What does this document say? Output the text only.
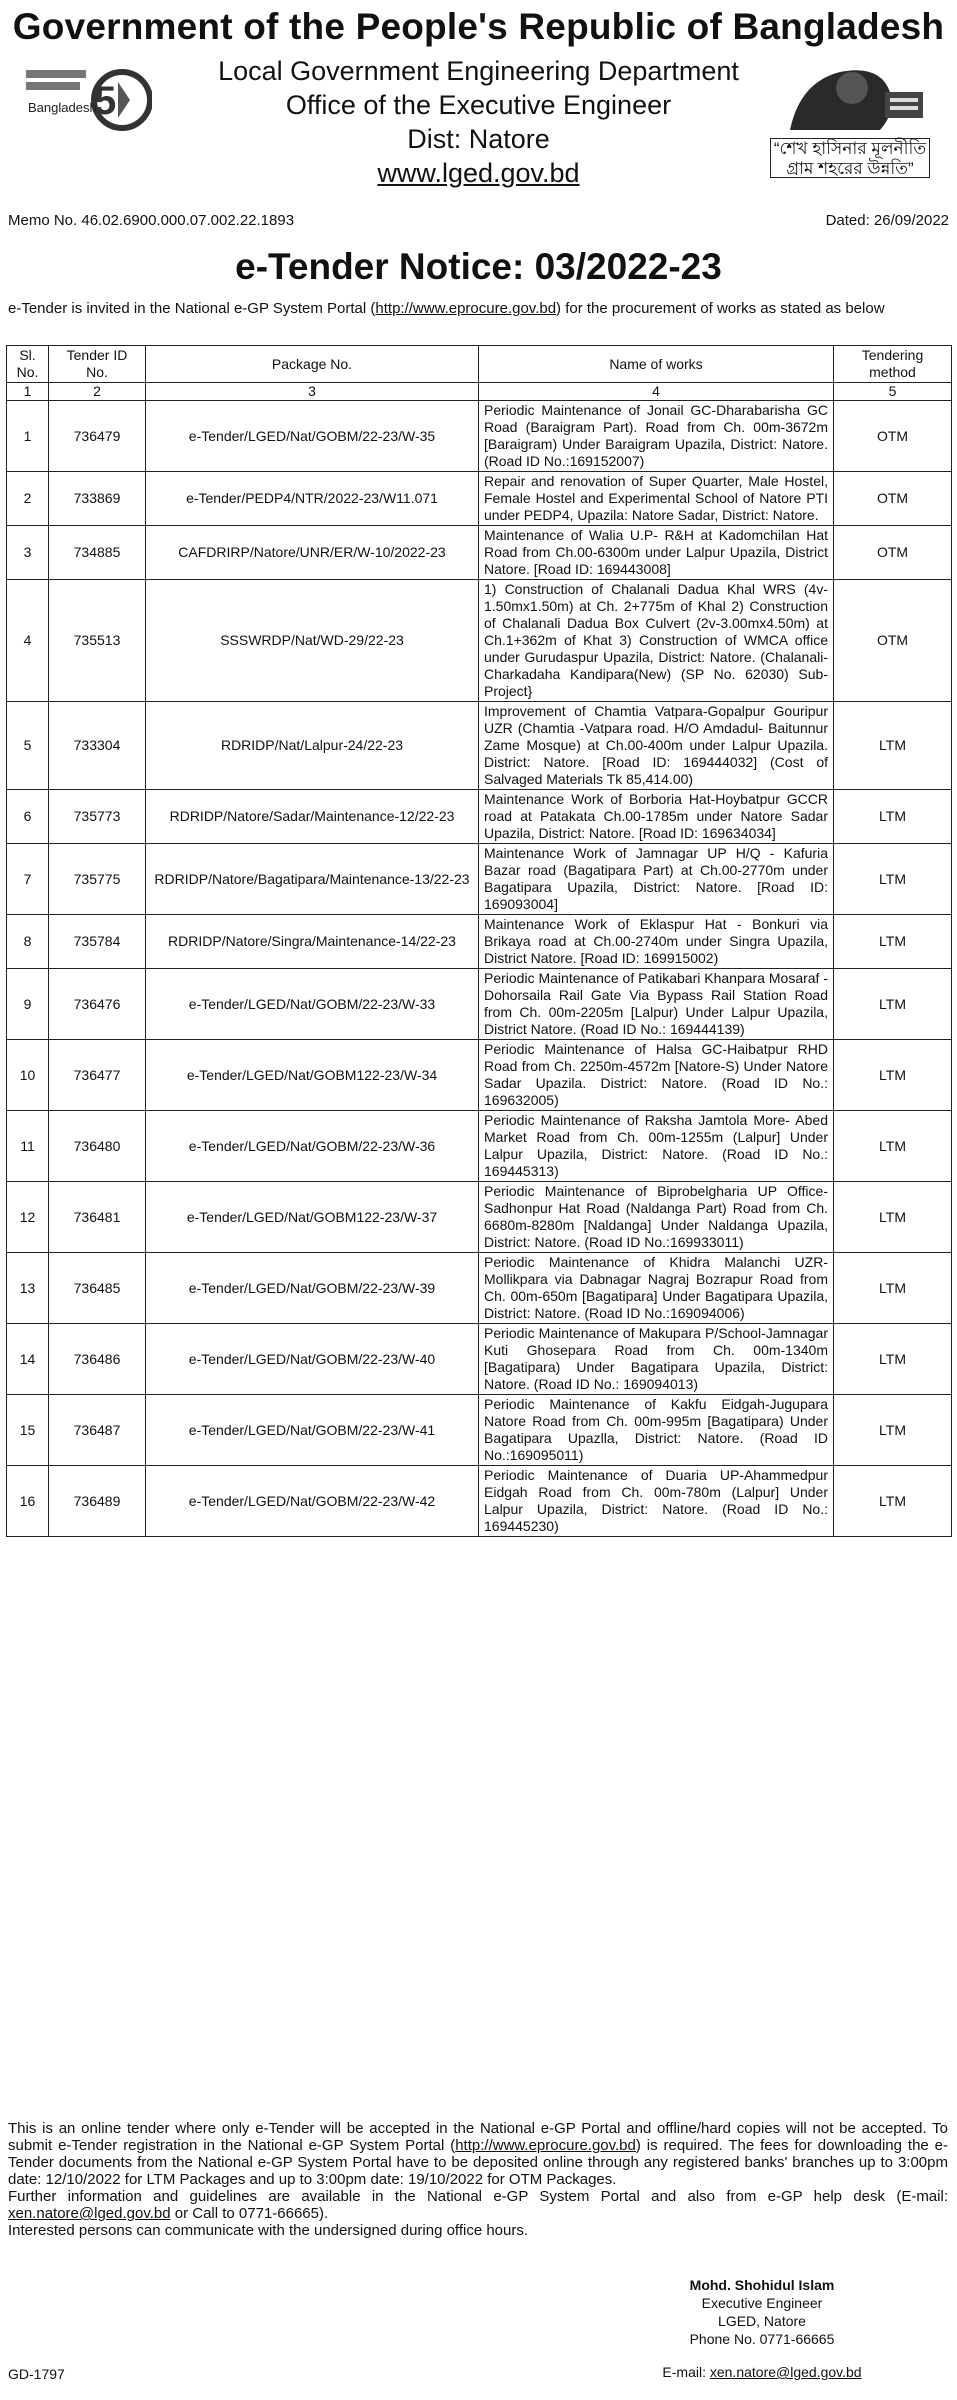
Government of the People's Republic of Bangladesh
5
Bangladesh
Local Government Engineering Department
Office of the Executive Engineer
Dist: Natore
www.lged.gov.bd
“শেখ হাসিনার মূলনীতি গ্রাম শহরের উন্নতি”
Memo No. 46.02.6900.000.07.002.22.1893	Dated: 26/09/2022
e-Tender Notice: 03/2022-23
e-Tender is invited in the National e-GP System Portal (http://www.eprocure.gov.bd) for the procurement of works as stated as below
Sl. No.	Tender ID No.	Package No.	Name of works	Tendering method
1	2	3	4	5
1	736479	e-Tender/LGED/Nat/GOBM/22-23/W-35	Periodic Maintenance of Jonail GC-Dharabarisha GC Road (Baraigram Part). Road from Ch. 00m-3672m [Baraigram) Under Baraigram Upazila, District: Natore. (Road ID No.:169152007)	OTM
2	733869	e-Tender/PEDP4/NTR/2022-23/W11.071	Repair and renovation of Super Quarter, Male Hostel, Female Hostel and Experimental School of Natore PTI under PEDP4, Upazila: Natore Sadar, District: Natore.	OTM
3	734885	CAFDRIRP/Natore/UNR/ER/W-10/2022-23	Maintenance of Walia U.P- R&H at Kadomchilan Hat Road from Ch.00-6300m under Lalpur Upazila, District Natore. [Road ID: 169443008]	OTM
4	735513	SSSWRDP/Nat/WD-29/22-23	1) Construction of Chalanali Dadua Khal WRS (4v-1.50mx1.50m) at Ch. 2+775m of Khal 2) Construction of Chalanali Dadua Box Culvert (2v-3.00mx4.50m) at Ch.1+362m of Khat 3) Construction of WMCA office under Gurudaspur Upazila, District: Natore. (Chalanali-Charkadaha Kandipara(New) (SP No. 62030) Sub-Project}	OTM
5	733304	RDRIDP/Nat/Lalpur-24/22-23	Improvement of Chamtia Vatpara-Gopalpur Gouripur UZR (Chamtia -Vatpara road. H/O Amdadul- Baitunnur Zame Mosque) at Ch.00-400m under Lalpur Upazila. District: Natore. [Road ID: 169444032] (Cost of Salvaged Materials Tk 85,414.00)	LTM
6	735773	RDRIDP/Natore/Sadar/Maintenance-12/22-23	Maintenance Work of Borboria Hat-Hoybatpur GCCR road at Patakata Ch.00-1785m under Natore Sadar Upazila, District: Natore. [Road ID: 169634034]	LTM
7	735775	RDRIDP/Natore/Bagatipara/Maintenance-13/22-23	Maintenance Work of Jamnagar UP H/Q - Kafuria Bazar road (Bagatipara Part) at Ch.00-2770m under Bagatipara Upazila, District: Natore. [Road ID: 169093004]	LTM
8	735784	RDRIDP/Natore/Singra/Maintenance-14/22-23	Maintenance Work of Eklaspur Hat - Bonkuri via Brikaya road at Ch.00-2740m under Singra Upazila, District Natore. [Road ID: 169915002)	LTM
9	736476	e-Tender/LGED/Nat/GOBM/22-23/W-33	Periodic Maintenance of Patikabari Khanpara Mosaraf - Dohorsaila Rail Gate Via Bypass Rail Station Road from Ch. 00m-2205m [Lalpur) Under Lalpur Upazila, District Natore. (Road ID No.: 169444139)	LTM
10	736477	e-Tender/LGED/Nat/GOBM122-23/W-34	Periodic Maintenance of Halsa GC-Haibatpur RHD Road from Ch. 2250m-4572m [Natore-S) Under Natore Sadar Upazila. District: Natore. (Road ID No.: 169632005)	LTM
11	736480	e-Tender/LGED/Nat/GOBM/22-23/W-36	Periodic Maintenance of Raksha Jamtola More- Abed Market Road from Ch. 00m-1255m (Lalpur] Under Lalpur Upazila, District: Natore. (Road ID No.: 169445313)	LTM
12	736481	e-Tender/LGED/Nat/GOBM122-23/W-37	Periodic Maintenance of Biprobelgharia UP Office-Sadhonpur Hat Road (Naldanga Part) Road from Ch. 6680m-8280m [Naldanga] Under Naldanga Upazila, District: Natore. (Road ID No.:169933011)	LTM
13	736485	e-Tender/LGED/Nat/GOBM/22-23/W-39	Periodic Maintenance of Khidra Malanchi UZR-Mollikpara via Dabnagar Nagraj Bozrapur Road from Ch. 00m-650m [Bagatipara] Under Bagatipara Upazila, District: Natore. (Road ID No.:169094006)	LTM
14	736486	e-Tender/LGED/Nat/GOBM/22-23/W-40	Periodic Maintenance of Makupara P/School-Jamnagar Kuti Ghosepara Road from Ch. 00m-1340m [Bagatipara) Under Bagatipara Upazila, District: Natore. (Road ID No.: 169094013)	LTM
15	736487	e-Tender/LGED/Nat/GOBM/22-23/W-41	Periodic Maintenance of Kakfu Eidgah-Jugupara Natore Road from Ch. 00m-995m [Bagatipara) Under Bagatipara Upazlla, District: Natore. (Road ID No.:169095011)	LTM
16	736489	e-Tender/LGED/Nat/GOBM/22-23/W-42	Periodic Maintenance of Duaria UP-Ahammedpur Eidgah Road from Ch. 00m-780m (Lalpur] Under Lalpur Upazila, District: Natore. (Road ID No.: 169445230)	LTM

This is an online tender where only e-Tender will be accepted in the National e-GP Portal and offline/hard copies will not be accepted. To submit e-Tender registration in the National e-GP System Portal (http://www.eprocure.gov.bd) is required. The fees for downloading the e-Tender documents from the National e-GP System Portal have to be deposited online through any registered banks' branches up to 3:00pm date: 12/10/2022 for LTM Packages and up to 3:00pm date: 19/10/2022 for OTM Packages.

Further information and guidelines are available in the National e-GP System Portal and also from e-GP help desk (E-mail: xen.natore@lged.gov.bd or Call to 0771-66665).

Interested persons can communicate with the undersigned during office hours.

Mohd. Shohidul Islam
Executive Engineer
LGED, Natore
Phone No. 0771-66665
E-mail: xen.natore@lged.gov.bd
GD-1797
